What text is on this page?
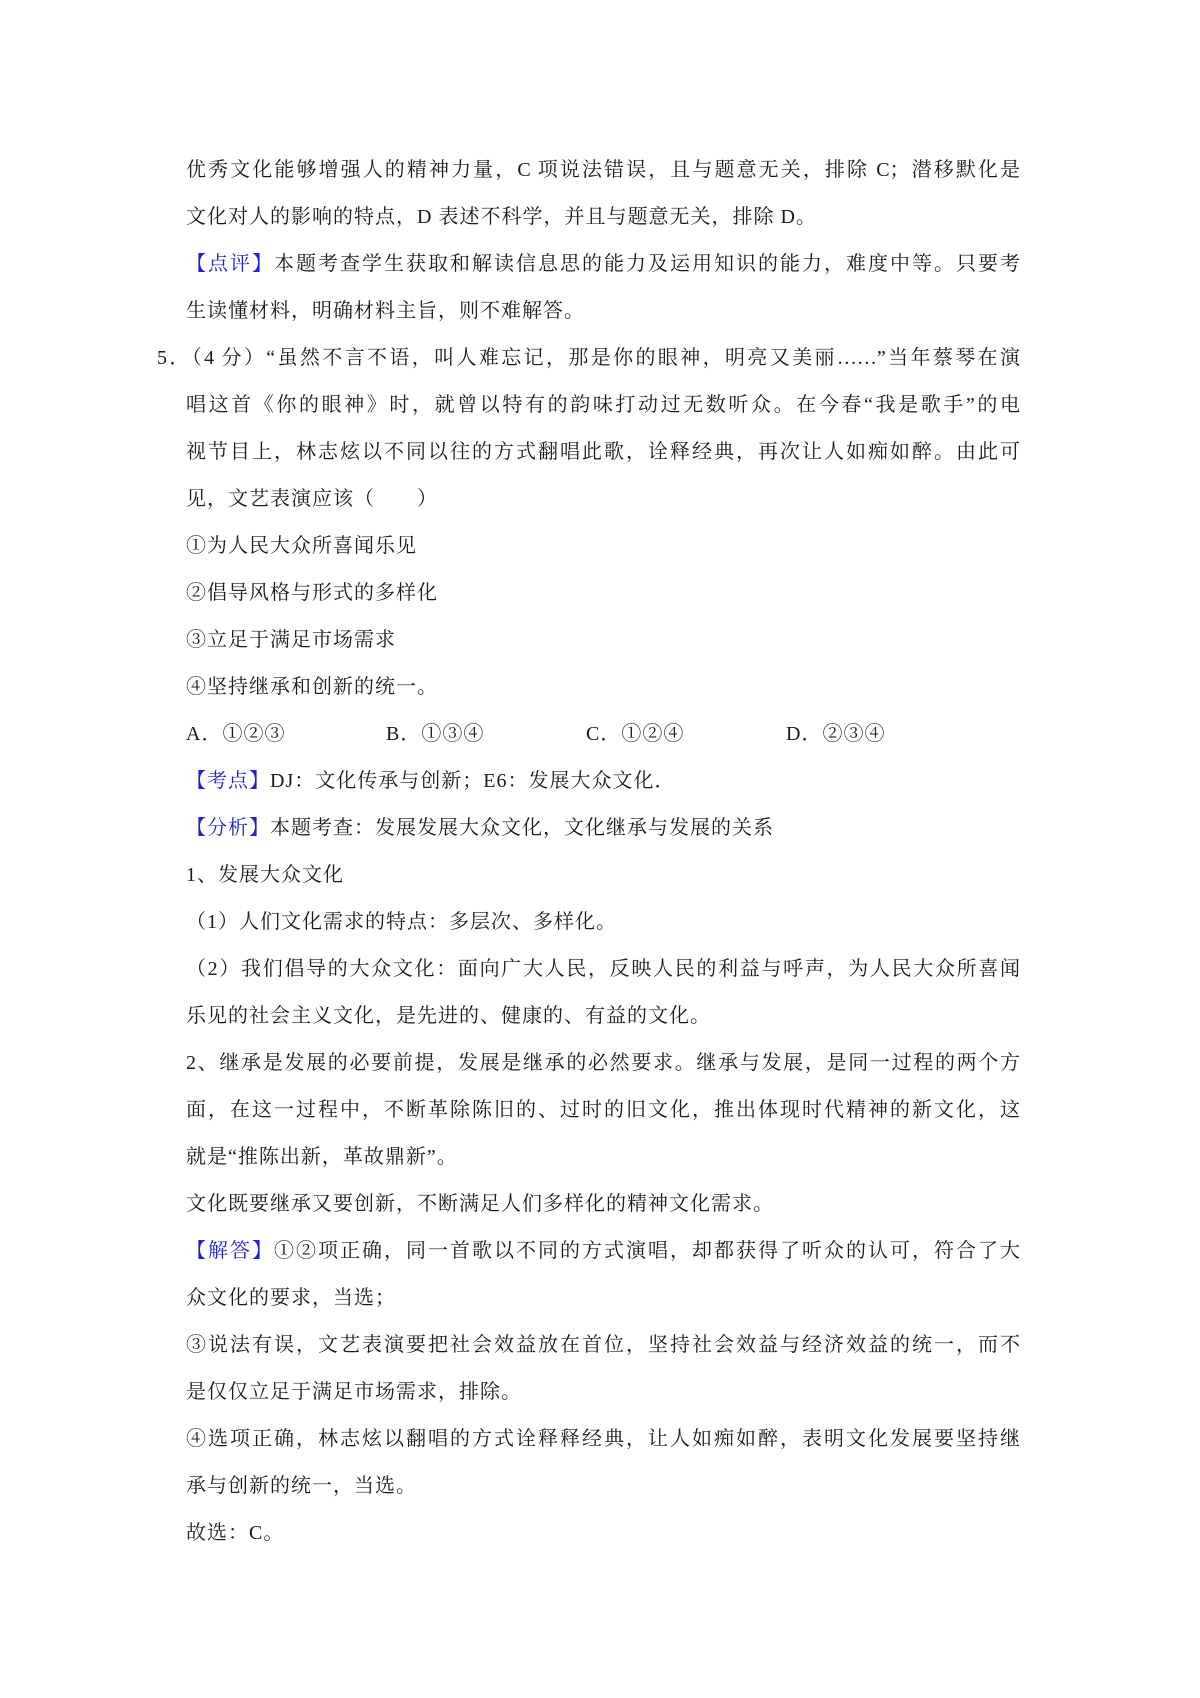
优秀文化能够增强人的精神力量，C 项说法错误，且与题意无关，排除 C；潜移默化是
文化对人的影响的特点，D 表述不科学，并且与题意无关，排除 D。
【点评】本题考查学生获取和解读信息思的能力及运用知识的能力，难度中等。只要考
生读懂材料，明确材料主旨，则不难解答。
5．（4 分）“虽然不言不语，叫人难忘记，那是你的眼神，明亮又美丽……”当年蔡琴在演
唱这首《你的眼神》时，就曾以特有的韵味打动过无数听众。在今春“我是歌手”的电
视节目上，林志炫以不同以往的方式翻唱此歌，诠释经典，再次让人如痴如醉。由此可
见，文艺表演应该（　　）
①为人民大众所喜闻乐见
②倡导风格与形式的多样化
③立足于满足市场需求
④坚持继承和创新的统一。
A．①②③	B．①③④	C．①②④	D．②③④
【考点】DJ：文化传承与创新；E6：发展大众文化．
【分析】本题考查：发展发展大众文化，文化继承与发展的关系
1、发展大众文化
（1）人们文化需求的特点：多层次、多样化。
（2）我们倡导的大众文化：面向广大人民，反映人民的利益与呼声，为人民大众所喜闻
乐见的社会主义文化，是先进的、健康的、有益的文化。
2、继承是发展的必要前提，发展是继承的必然要求。继承与发展，是同一过程的两个方
面，在这一过程中，不断革除陈旧的、过时的旧文化，推出体现时代精神的新文化，这
就是“推陈出新，革故鼎新”。
文化既要继承又要创新，不断满足人们多样化的精神文化需求。
【解答】①②项正确，同一首歌以不同的方式演唱，却都获得了听众的认可，符合了大
众文化的要求，当选；
③说法有误，文艺表演要把社会效益放在首位，坚持社会效益与经济效益的统一，而不
是仅仅立足于满足市场需求，排除。
④选项正确，林志炫以翻唱的方式诠释释经典，让人如痴如醉，表明文化发展要坚持继
承与创新的统一，当选。
故选：C。
